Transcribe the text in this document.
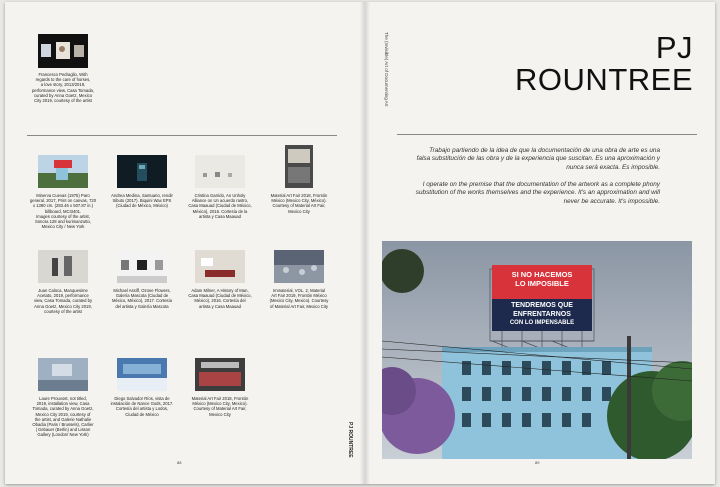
Francesco Pedraglio, With
regards to the care of horses,
a love story, 2013/2019,
performance view, Casa Tomada,
curated by Anna Goetz, Mexico
City 2019, courtesy of the artist
Minerva Cuevas (1975) Paro
general, 2017, Print on canvas, 720
x 1390 cm. (283.46 x 507.87 in.)
billboard, MCI3401.
Images courtesy of the artist,
Sonora 128 and kurimanzutto,
Mexico City / New York
Andrea Medina, Santuario, rendir
tributo (2017). Biquini Wax EPS
(Ciudad de México, México)
Cristina Garrido, An Unholy
Alliance on Un acuerdo rastro,
Casa Maauad (Ciudad de México,
México), 2016. Cortesía de la
artista y Casa Maauad
Material Art Fair 2018, Frontón
México (Mexico City, México).
Courtesy of Material Art Fair,
Mexico City
Juan Caloca, Manquesime
Acetato, 2019, performance
view, Casa Tomada, curated by
Anna Goetz, Mexico City 2019,
courtesy of the artist
Michael Assiff, Ozone Flowers,
Galería Mascota (Ciudad de
México, México), 2017. Cortesía
del artista y Galería Mascota
Adam Milner, A History of Man,
Casa Maauad (Ciudad de México,
México), 2016. Cortesía del
artista y Casa Maauad
Immaterial, VOL. 2, Material
Art Fair 2019, Frontón México
(Mexico City, Mexico). Courtesy
of Material Art Fair, Mexico City
Laure Prouvost, not titled,
2019, installation view, Casa
Tomada, curated by Anna Goetz,
Mexico City 2019, courtesy of
the artist, and Galerie Nathalie
Obadia (Paris / Brussels), Carlier
| Gebauer (Berlin) and Lisson
Gallery (London/ New York)
Diego Salvador Ríos, vista de
instalación de Nance Gods, 2017.
Cortesía del artista y Lodos,
Ciudad de México
Material Art Fair 2018, Frontón
México (Mexico City, Mexico).
Courtesy of Material Art Fair,
Mexico City
PJ ROUNTREE
88
The (Invisible) Art of Documenting Art	PJ
ROUNTREE
Trabajo partiendo de la idea de que la documentación de una obra de arte es una falsa substitución de las obra y de la experiencia que suscitan. Es una aproximación y nunca será exacta. Es imposible.
I operate on the premise that the documentation of the artwork as a complete phony substitution of the works themselves and the experience. It's an approximation and will never be accurate. It's impossible.
SI NO HACEMOS
LO IMPOSIBLE
TENDREMOS QUE
ENFRENTARNOS
CON LO IMPENSABLE
89
